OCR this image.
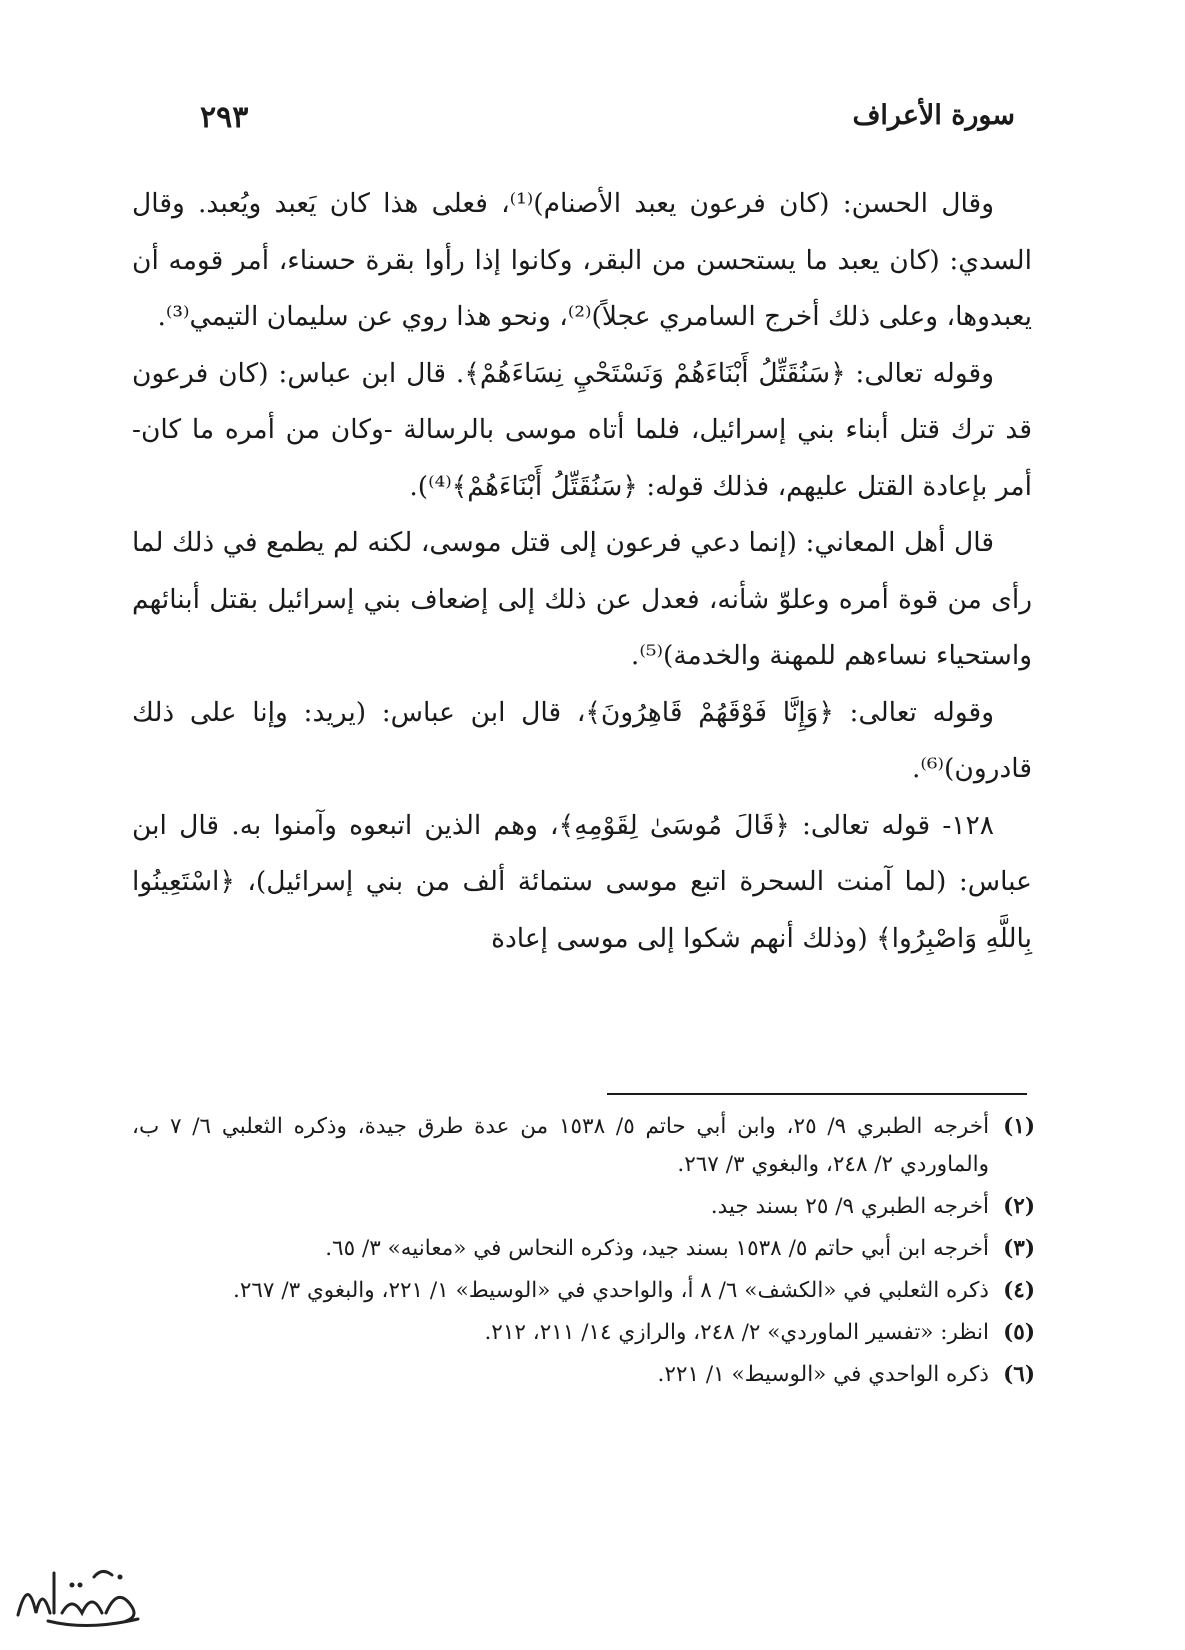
سورة الأعراف
٢٩٣

وقال الحسن: (كان فرعون يعبد الأصنام)⁽¹⁾، فعلى هذا كان يَعبد ويُعبد. وقال السدي: (كان يعبد ما يستحسن من البقر، وكانوا إذا رأوا بقرة حسناء، أمر قومه أن يعبدوها، وعلى ذلك أخرج السامري عجلاً)⁽²⁾، ونحو هذا روي عن سليمان التيمي⁽³⁾.

وقوله تعالى: ﴿سَنُقَتِّلُ أَبْنَاءَهُمْ وَنَسْتَحْيِ نِسَاءَهُمْ﴾. قال ابن عباس: (كان فرعون قد ترك قتل أبناء بني إسرائيل، فلما أتاه موسى بالرسالة -وكان من أمره ما كان- أمر بإعادة القتل عليهم، فذلك قوله: ﴿سَنُقَتِّلُ أَبْنَاءَهُمْ﴾⁽⁴⁾).

قال أهل المعاني: (إنما دعي فرعون إلى قتل موسى، لكنه لم يطمع في ذلك لما رأى من قوة أمره وعلوّ شأنه، فعدل عن ذلك إلى إضعاف بني إسرائيل بقتل أبنائهم واستحياء نساءهم للمهنة والخدمة)⁽⁵⁾.

وقوله تعالى: ﴿وَإِنَّا فَوْقَهُمْ قَاهِرُونَ﴾، قال ابن عباس: (يريد: وإنا على ذلك قادرون)⁽⁶⁾.

١٢٨- قوله تعالى: ﴿قَالَ مُوسَىٰ لِقَوْمِهِ﴾، وهم الذين اتبعوه وآمنوا به. قال ابن عباس: (لما آمنت السحرة اتبع موسى ستمائة ألف من بني إسرائيل)، ﴿اسْتَعِينُوا بِاللَّهِ وَاصْبِرُوا﴾ (وذلك أنهم شكوا إلى موسى إعادة

(١)
أخرجه الطبري ٩/ ٢٥، وابن أبي حاتم ٥/ ١٥٣٨ من عدة طرق جيدة، وذكره الثعلبي ٦/ ٧ ب، والماوردي ٢/ ٢٤٨، والبغوي ٣/ ٢٦٧.
(٢)
أخرجه الطبري ٩/ ٢٥ بسند جيد.
(٣)
أخرجه ابن أبي حاتم ٥/ ١٥٣٨ بسند جيد، وذكره النحاس في «معانيه» ٣/ ٦٥.
(٤)
ذكره الثعلبي في «الكشف» ٦/ ٨ أ، والواحدي في «الوسيط» ١/ ٢٢١، والبغوي ٣/ ٢٦٧.
(٥)
انظر: «تفسير الماوردي» ٢/ ٢٤٨، والرازي ١٤/ ٢١١، ٢١٢.
(٦)
ذكره الواحدي في «الوسيط» ١/ ٢٢١.
